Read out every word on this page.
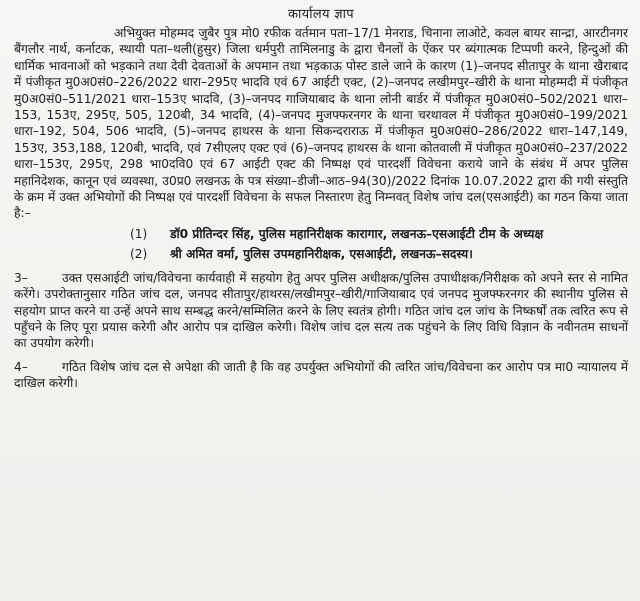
कार्यालय ज्ञाप

अभियुक्त मोहम्मद जुबैर पुत्र मो0 रफीक वर्तमान पता–17/1 मेनराड, चिनाना लाओटे, कवल बायर सान्द्रा, आरटीनगर बैंगलौर नार्थ, कर्नाटक, स्थायी पता–थली(हुसुर) जिला धर्मपुरी तामिलनाडु के द्वारा चैनलों के ऐंकर पर ब्यंगात्मक टिप्पणी करने, हिन्दुओं की धार्मिक भावनाओं को भड़काने तथा देवी देवताओं के अपमान तथा भड़काऊ पोस्ट डाले जाने के कारण (1)–जनपद सीतापुर के थाना खैराबाद में पंजीकृत मु0अ0सं0–226/2022 धारा–295ए भादवि एवं 67 आईटी एक्ट, (2)–जनपद लखीमपुर–खीरी के थाना मोहम्मदी में पंजीकृत मु0अ0सं0–511/2021 धारा–153ए भादवि, (3)–जनपद गाजियाबाद के थाना लोनी बार्डर में पंजीकृत मु0अ0सं0–502/2021 धारा–153, 153ए, 295ए, 505, 120बी, 34 भादवि, (4)–जनपद मुजफ्फरनगर के थाना चरथावल में पंजीकृत मु0अ0सं0–199/2021 धारा–192, 504, 506 भादवि, (5)–जनपद हाथरस के थाना सिकन्दराराऊ में पंजीकृत मु0अ0सं0–286/2022 धारा–147,149, 153ए, 353,188, 120बी, भादवि, एवं 7सीएलए एक्ट एवं (6)–जनपद हाथरस के थाना कोतवाली में पंजीकृत मु0अ0सं0–237/2022 धारा–153ए, 295ए, 298 भा0दवि0 एवं 67 आईटी एक्ट की निष्पक्ष एवं पारदर्शी विवेचना कराये जाने के संबंध में अपर पुलिस महानिदेशक, कानून एवं व्यवस्था, उ0प्र0 लखनऊ के पत्र संख्या–डीजी–आठ–94(30)/2022 दिनांक 10.07.2022 द्वारा की गयी संस्तुति के क्रम में उक्त अभियोगों की निष्पक्ष एवं पारदर्शी विवेचना के सफल निस्तारण हेतु निम्नवत् विशेष जांच दल(एसआईटी) का गठन किया जाता है:–

(1)	डॉ0 प्रीतिन्दर सिंह, पुलिस महानिरीक्षक कारागार, लखनऊ–एसआईटी टीम के अध्यक्ष
(2)	श्री अमित वर्मा, पुलिस उपमहानिरीक्षक, एसआईटी, लखनऊ–सदस्य।

3–	उक्त एसआईटी जांच/विवेचना कार्यवाही में सहयोग हेतु अपर पुलिस अधीक्षक/पुलिस उपाधीक्षक/निरीक्षक को अपने स्तर से नामित करेंगे। उपरोक्तानुसार गठित जांच दल, जनपद सीतापुर/हाथरस/लखीमपुर–खीरी/गाजियाबाद एवं जनपद मुजफ्फरनगर की स्थानीय पुलिस से सहयोग प्राप्त करने या उन्हें अपने साथ सम्बद्ध करने/सम्मिलित करने के लिए स्वतंत्र होगी। गठित जांच दल जांच के निष्कर्षों तक त्वरित रूप से पहुँचने के लिए पूरा प्रयास करेगी और आरोप पत्र दाखिल करेगी। विशेष जांच दल सत्य तक पहुंचने के लिए विधि विज्ञान के नवीनतम साधनों का उपयोग करेगी।

4–	गठित विशेष जांच दल से अपेक्षा की जाती है कि वह उपर्युक्त अभियोगों की त्वरित जांच/विवेचना कर आरोप पत्र मा0 न्यायालय में दाखिल करेगी।
